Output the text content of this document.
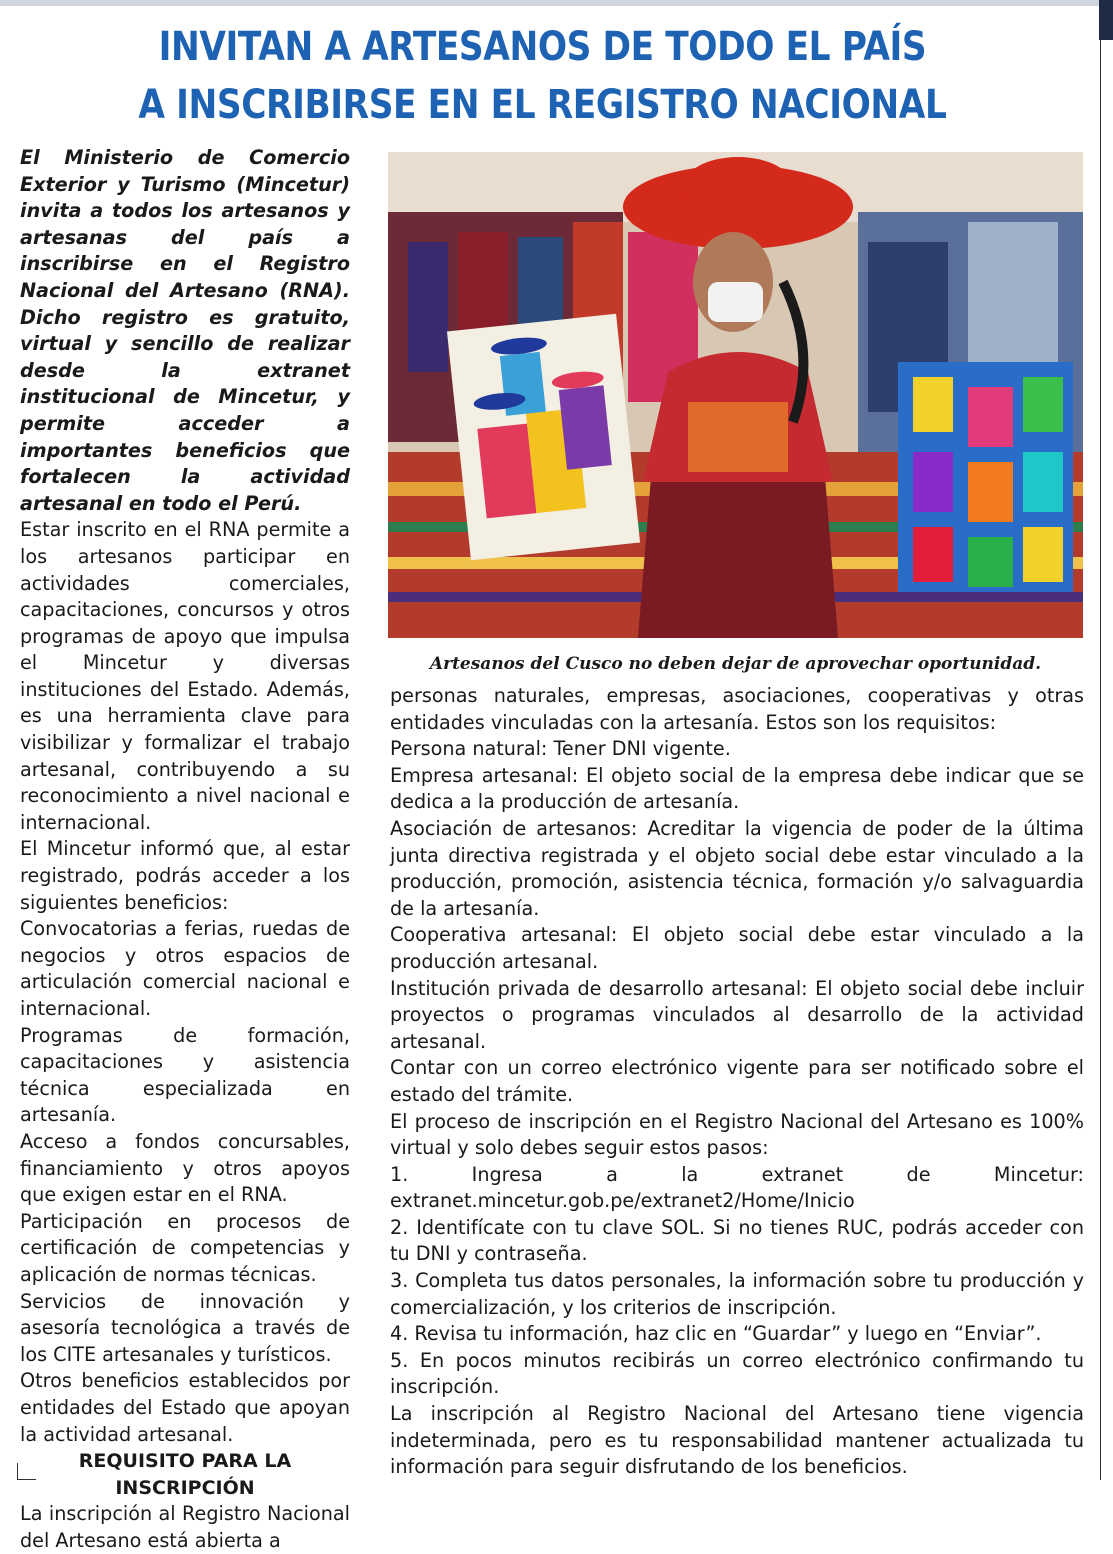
INVITAN A ARTESANOS DE TODO EL PAÍS
A INSCRIBIRSE EN EL REGISTRO NACIONAL

El Ministerio de Comercio Exterior y Turismo (Mincetur) invita a todos los artesanos y artesanas del país a inscribirse en el Registro Nacional del Artesano (RNA). Dicho registro es gratuito, virtual y sencillo de realizar desde la extranet institucional de Mincetur, y permite acceder a importantes beneficios que fortalecen la actividad artesanal en todo el Perú.

Estar inscrito en el RNA permite a los artesanos participar en actividades comerciales, capacitaciones, concursos y otros programas de apoyo que impulsa el Mincetur y diversas instituciones del Estado. Además, es una herramienta clave para visibilizar y formalizar el trabajo artesanal, contribuyendo a su reconocimiento a nivel nacional e internacional.

El Mincetur informó que, al estar registrado, podrás acceder a los siguientes beneficios:

Convocatorias a ferias, ruedas de negocios y otros espacios de articulación comercial nacional e internacional.

Programas de formación, capacitaciones y asistencia técnica especializada en artesanía.

Acceso a fondos concursables, financiamiento y otros apoyos que exigen estar en el RNA.

Participación en procesos de certificación de competencias y aplicación de normas técnicas.

Servicios de innovación y asesoría tecnológica a través de los CITE artesanales y turísticos.

Otros beneficios establecidos por entidades del Estado que apoyan la actividad artesanal.

REQUISITO PARA LA INSCRIPCIÓN

La inscripción al Registro Nacional del Artesano está abierta a

Artesanos del Cusco no deben dejar de aprovechar oportunidad.

personas naturales, empresas, asociaciones, cooperativas y otras entidades vinculadas con la artesanía. Estos son los requisitos:

Persona natural: Tener DNI vigente.

Empresa artesanal: El objeto social de la empresa debe indicar que se dedica a la producción de artesanía.

Asociación de artesanos: Acreditar la vigencia de poder de la última junta directiva registrada y el objeto social debe estar vinculado a la producción, promoción, asistencia técnica, formación y/o salvaguardia de la artesanía.

Cooperativa artesanal: El objeto social debe estar vinculado a la producción artesanal.

Institución privada de desarrollo artesanal: El objeto social debe incluir proyectos o programas vinculados al desarrollo de la actividad artesanal.

Contar con un correo electrónico vigente para ser notificado sobre el estado del trámite.

El proceso de inscripción en el Registro Nacional del Artesano es 100% virtual y solo debes seguir estos pasos:

1. Ingresa a la extranet de Mincetur: extranet.mincetur.gob.pe/extranet2/Home/Inicio

2. Identifícate con tu clave SOL. Si no tienes RUC, podrás acceder con tu DNI y contraseña.

3. Completa tus datos personales, la información sobre tu producción y comercialización, y los criterios de inscripción.

4. Revisa tu información, haz clic en “Guardar” y luego en “Enviar”.

5. En pocos minutos recibirás un correo electrónico confirmando tu inscripción.

La inscripción al Registro Nacional del Artesano tiene vigencia indeterminada, pero es tu responsabilidad mantener actualizada tu información para seguir disfrutando de los beneficios.
